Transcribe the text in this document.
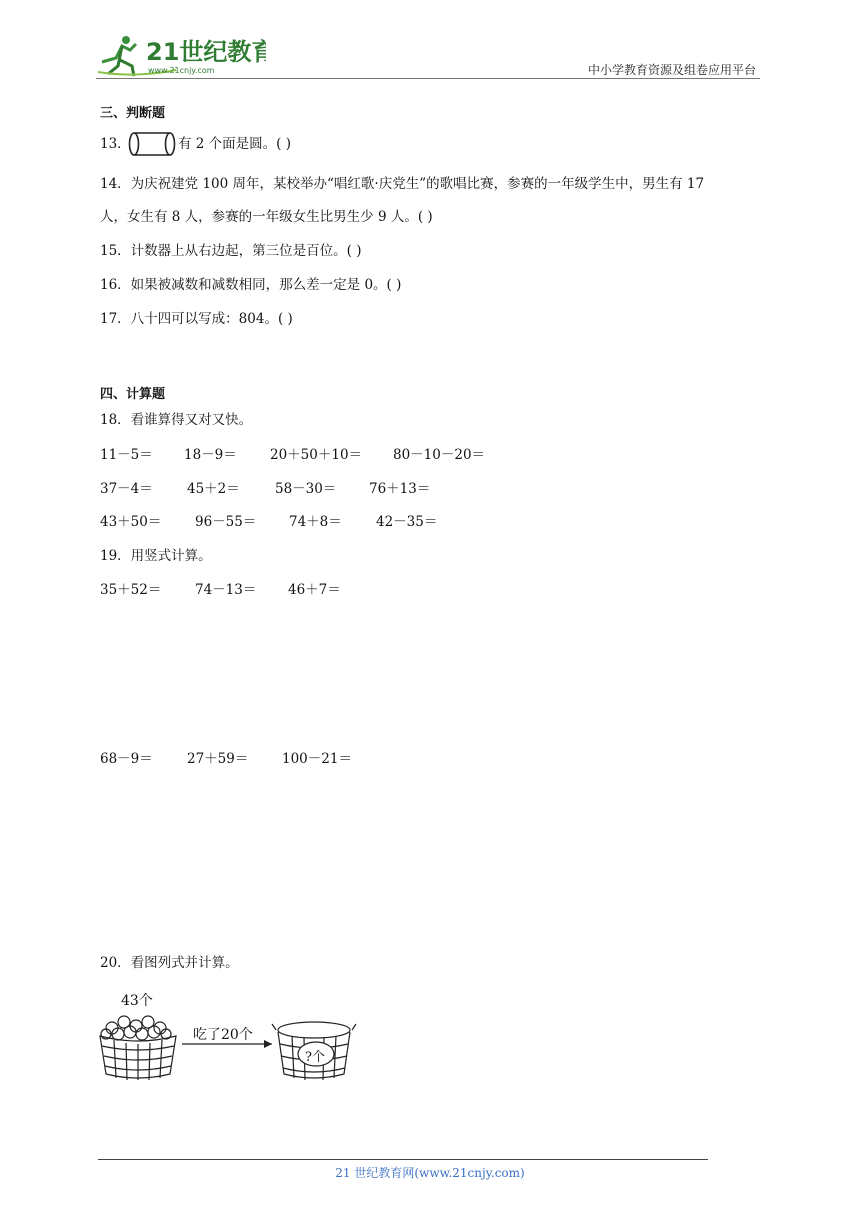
21世纪教育
www.21cnjy.com	中小学教育资源及组卷应用平台
三、判断题
13．	有 2 个面是圆。( )
14．为庆祝建党 100 周年，某校举办“唱红歌·庆党生”的歌唱比赛，参赛的一年级学生中，男生有 17
人，女生有 8 人，参赛的一年级女生比男生少 9 人。( )
15．计数器上从右边起，第三位是百位。( )
16．如果被减数和减数相同，那么差一定是 0。( )
17．八十四可以写成：804。( )
四、计算题
18．看谁算得又对又快。
11－5＝ 18－9＝ 20＋50＋10＝ 80－10－20＝
37－4＝	45＋2＝	58－30＝ 76＋13＝
43＋50＝ 96－55＝ 74＋8＝	42－35＝
19．用竖式计算。
35＋52＝ 74－13＝ 46＋7＝
68－9＝	27＋59＝ 100－21＝
20．看图列式并计算。
43个
吃了20个
?个
21 世纪教育网(www.21cnjy.com)
